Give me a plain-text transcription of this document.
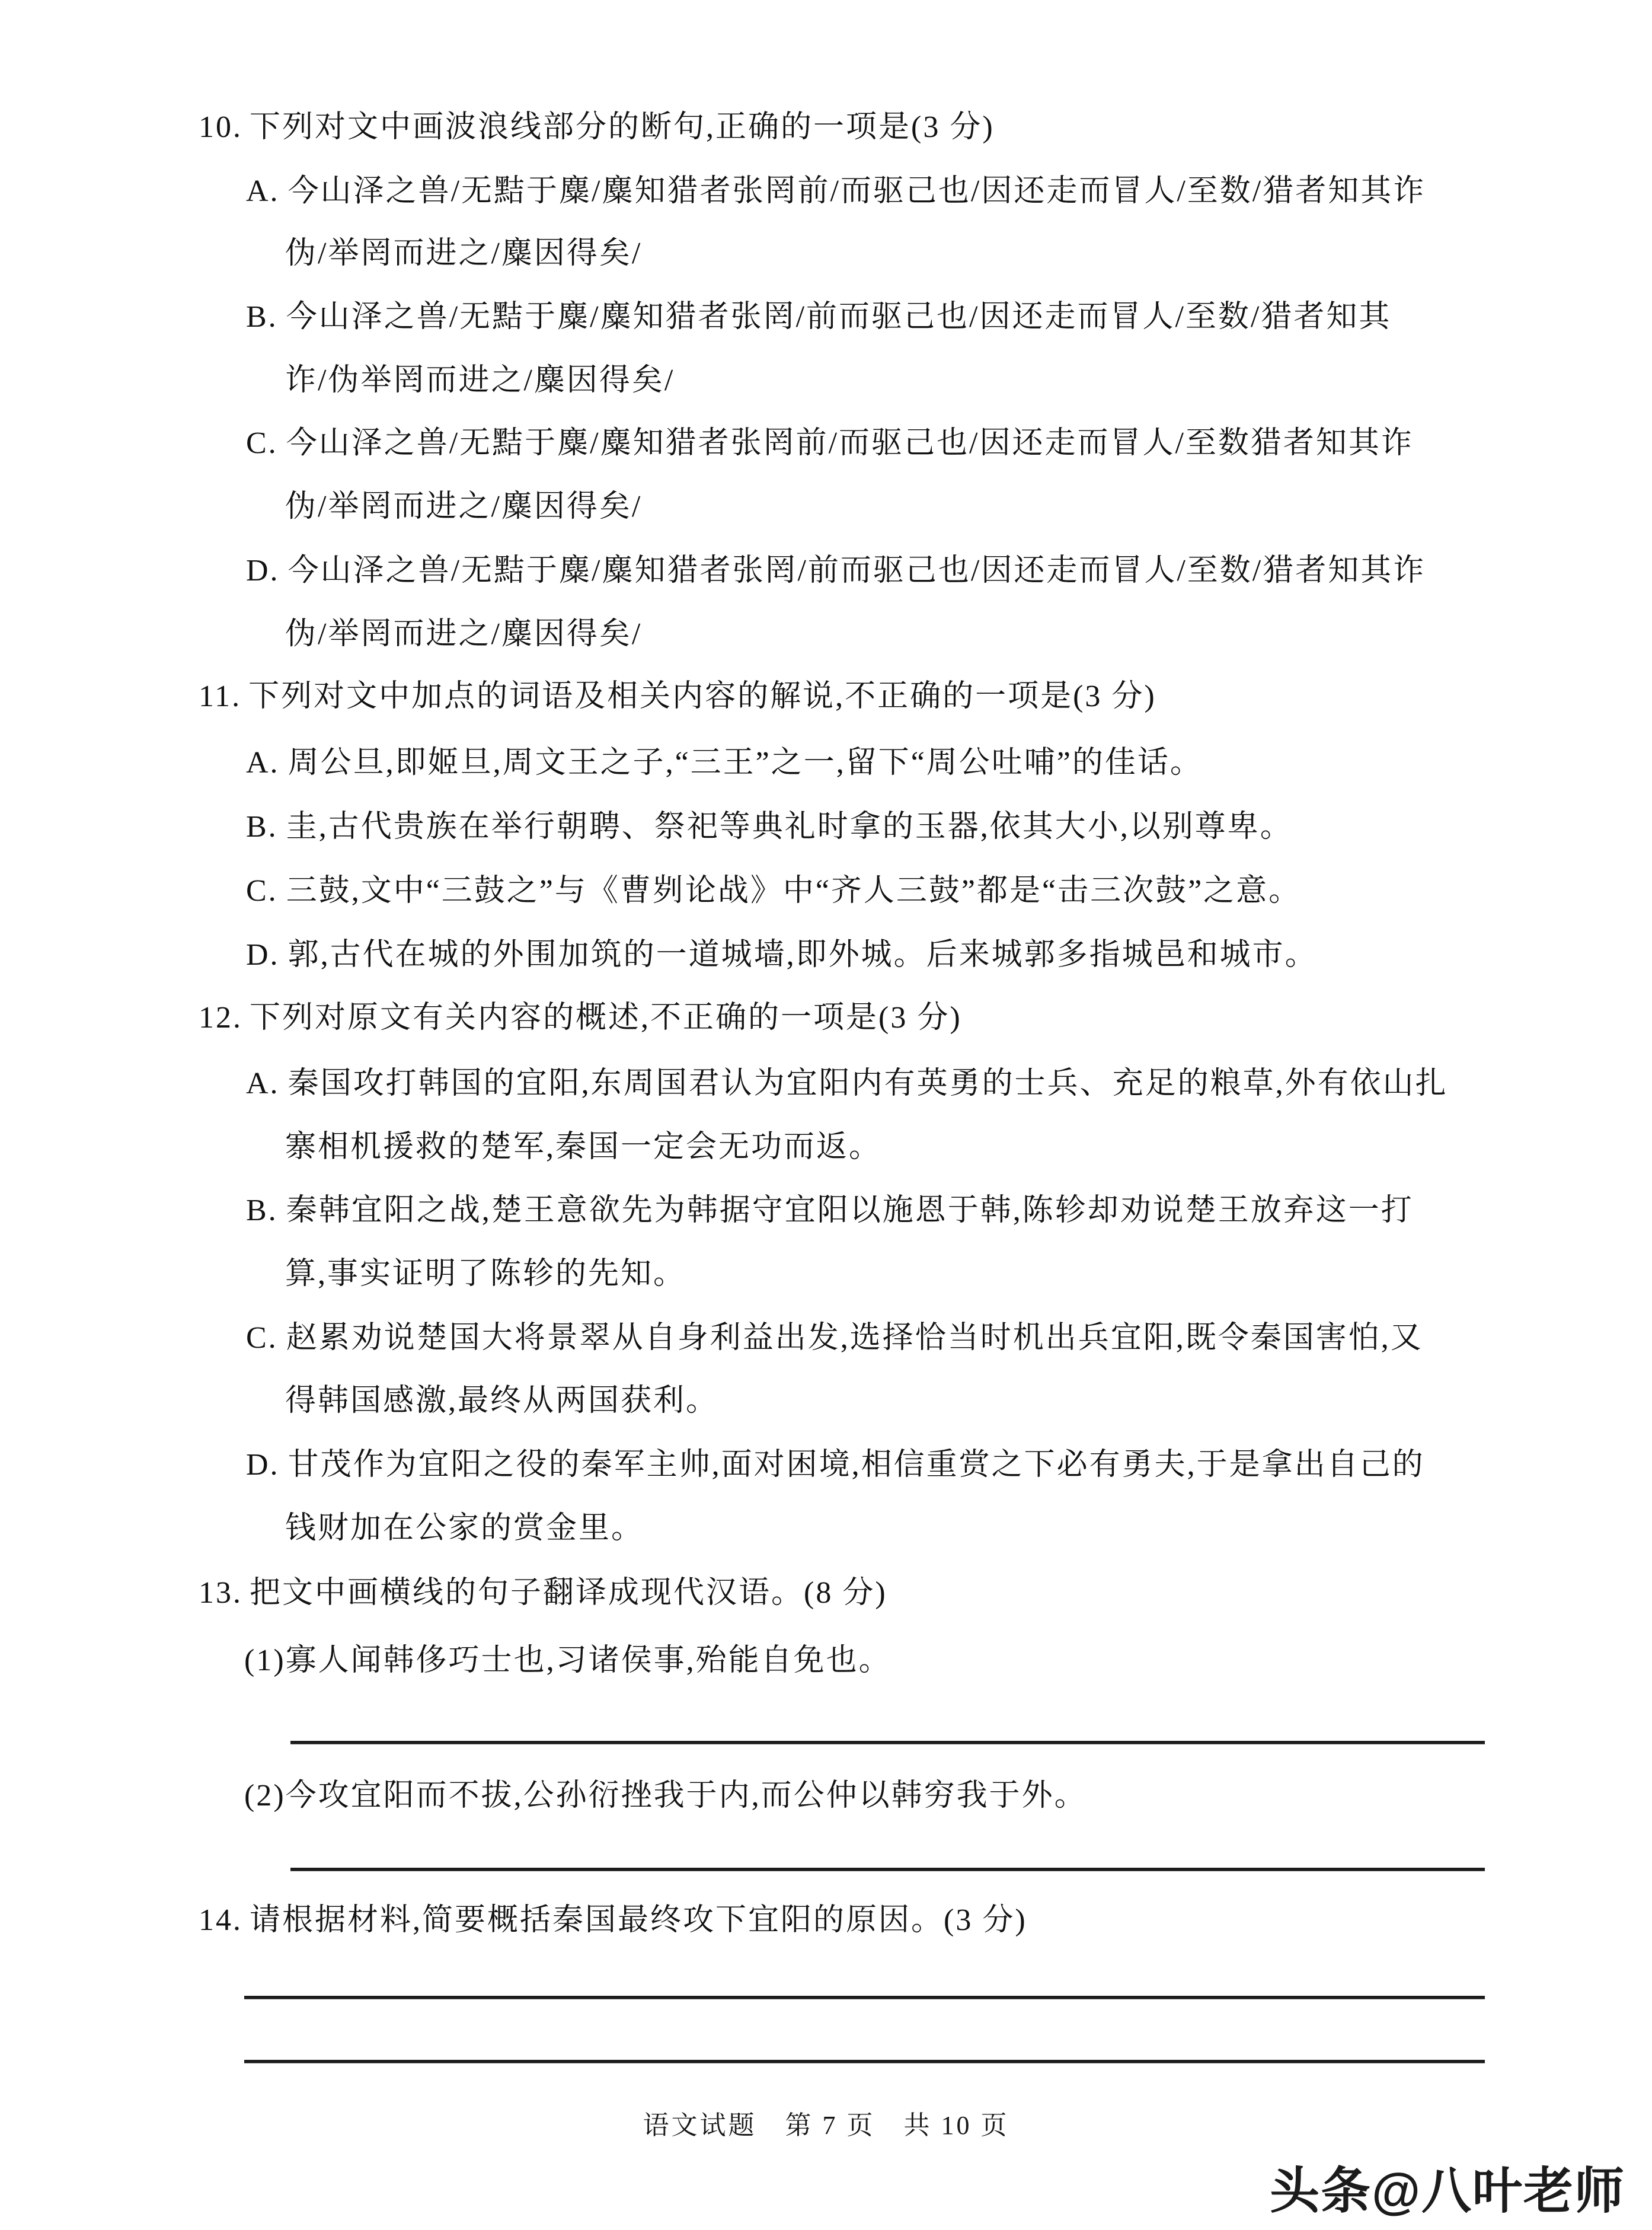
10. 下列对文中画波浪线部分的断句,正确的一项是(3 分)
A. 今山泽之兽/无黠于麋/麋知猎者张罔前/而驱己也/因还走而冒人/至数/猎者知其诈
伪/举罔而进之/麋因得矣/
B. 今山泽之兽/无黠于麋/麋知猎者张罔/前而驱己也/因还走而冒人/至数/猎者知其
诈/伪举罔而进之/麋因得矣/
C. 今山泽之兽/无黠于麋/麋知猎者张罔前/而驱己也/因还走而冒人/至数猎者知其诈
伪/举罔而进之/麋因得矣/
D. 今山泽之兽/无黠于麋/麋知猎者张罔/前而驱己也/因还走而冒人/至数/猎者知其诈
伪/举罔而进之/麋因得矣/
11. 下列对文中加点的词语及相关内容的解说,不正确的一项是(3 分)
A. 周公旦,即姬旦,周文王之子,“三王”之一,留下“周公吐哺”的佳话。
B. 圭,古代贵族在举行朝聘、祭祀等典礼时拿的玉器,依其大小,以别尊卑。
C. 三鼓,文中“三鼓之”与《曹刿论战》中“齐人三鼓”都是“击三次鼓”之意。
D. 郭,古代在城的外围加筑的一道城墙,即外城。后来城郭多指城邑和城市。
12. 下列对原文有关内容的概述,不正确的一项是(3 分)
A. 秦国攻打韩国的宜阳,东周国君认为宜阳内有英勇的士兵、充足的粮草,外有依山扎
寨相机援救的楚军,秦国一定会无功而返。
B. 秦韩宜阳之战,楚王意欲先为韩据守宜阳以施恩于韩,陈轸却劝说楚王放弃这一打
算,事实证明了陈轸的先知。
C. 赵累劝说楚国大将景翠从自身利益出发,选择恰当时机出兵宜阳,既令秦国害怕,又
得韩国感激,最终从两国获利。
D. 甘茂作为宜阳之役的秦军主帅,面对困境,相信重赏之下必有勇夫,于是拿出自己的
钱财加在公家的赏金里。
13. 把文中画横线的句子翻译成现代汉语。(8 分)
(1)寡人闻韩侈巧士也,习诸侯事,殆能自免也。
(2)今攻宜阳而不拔,公孙衍挫我于内,而公仲以韩穷我于外。
14. 请根据材料,简要概括秦国最终攻下宜阳的原因。(3 分)
语文试题　第 7 页　共 10 页
头条@八叶老师
